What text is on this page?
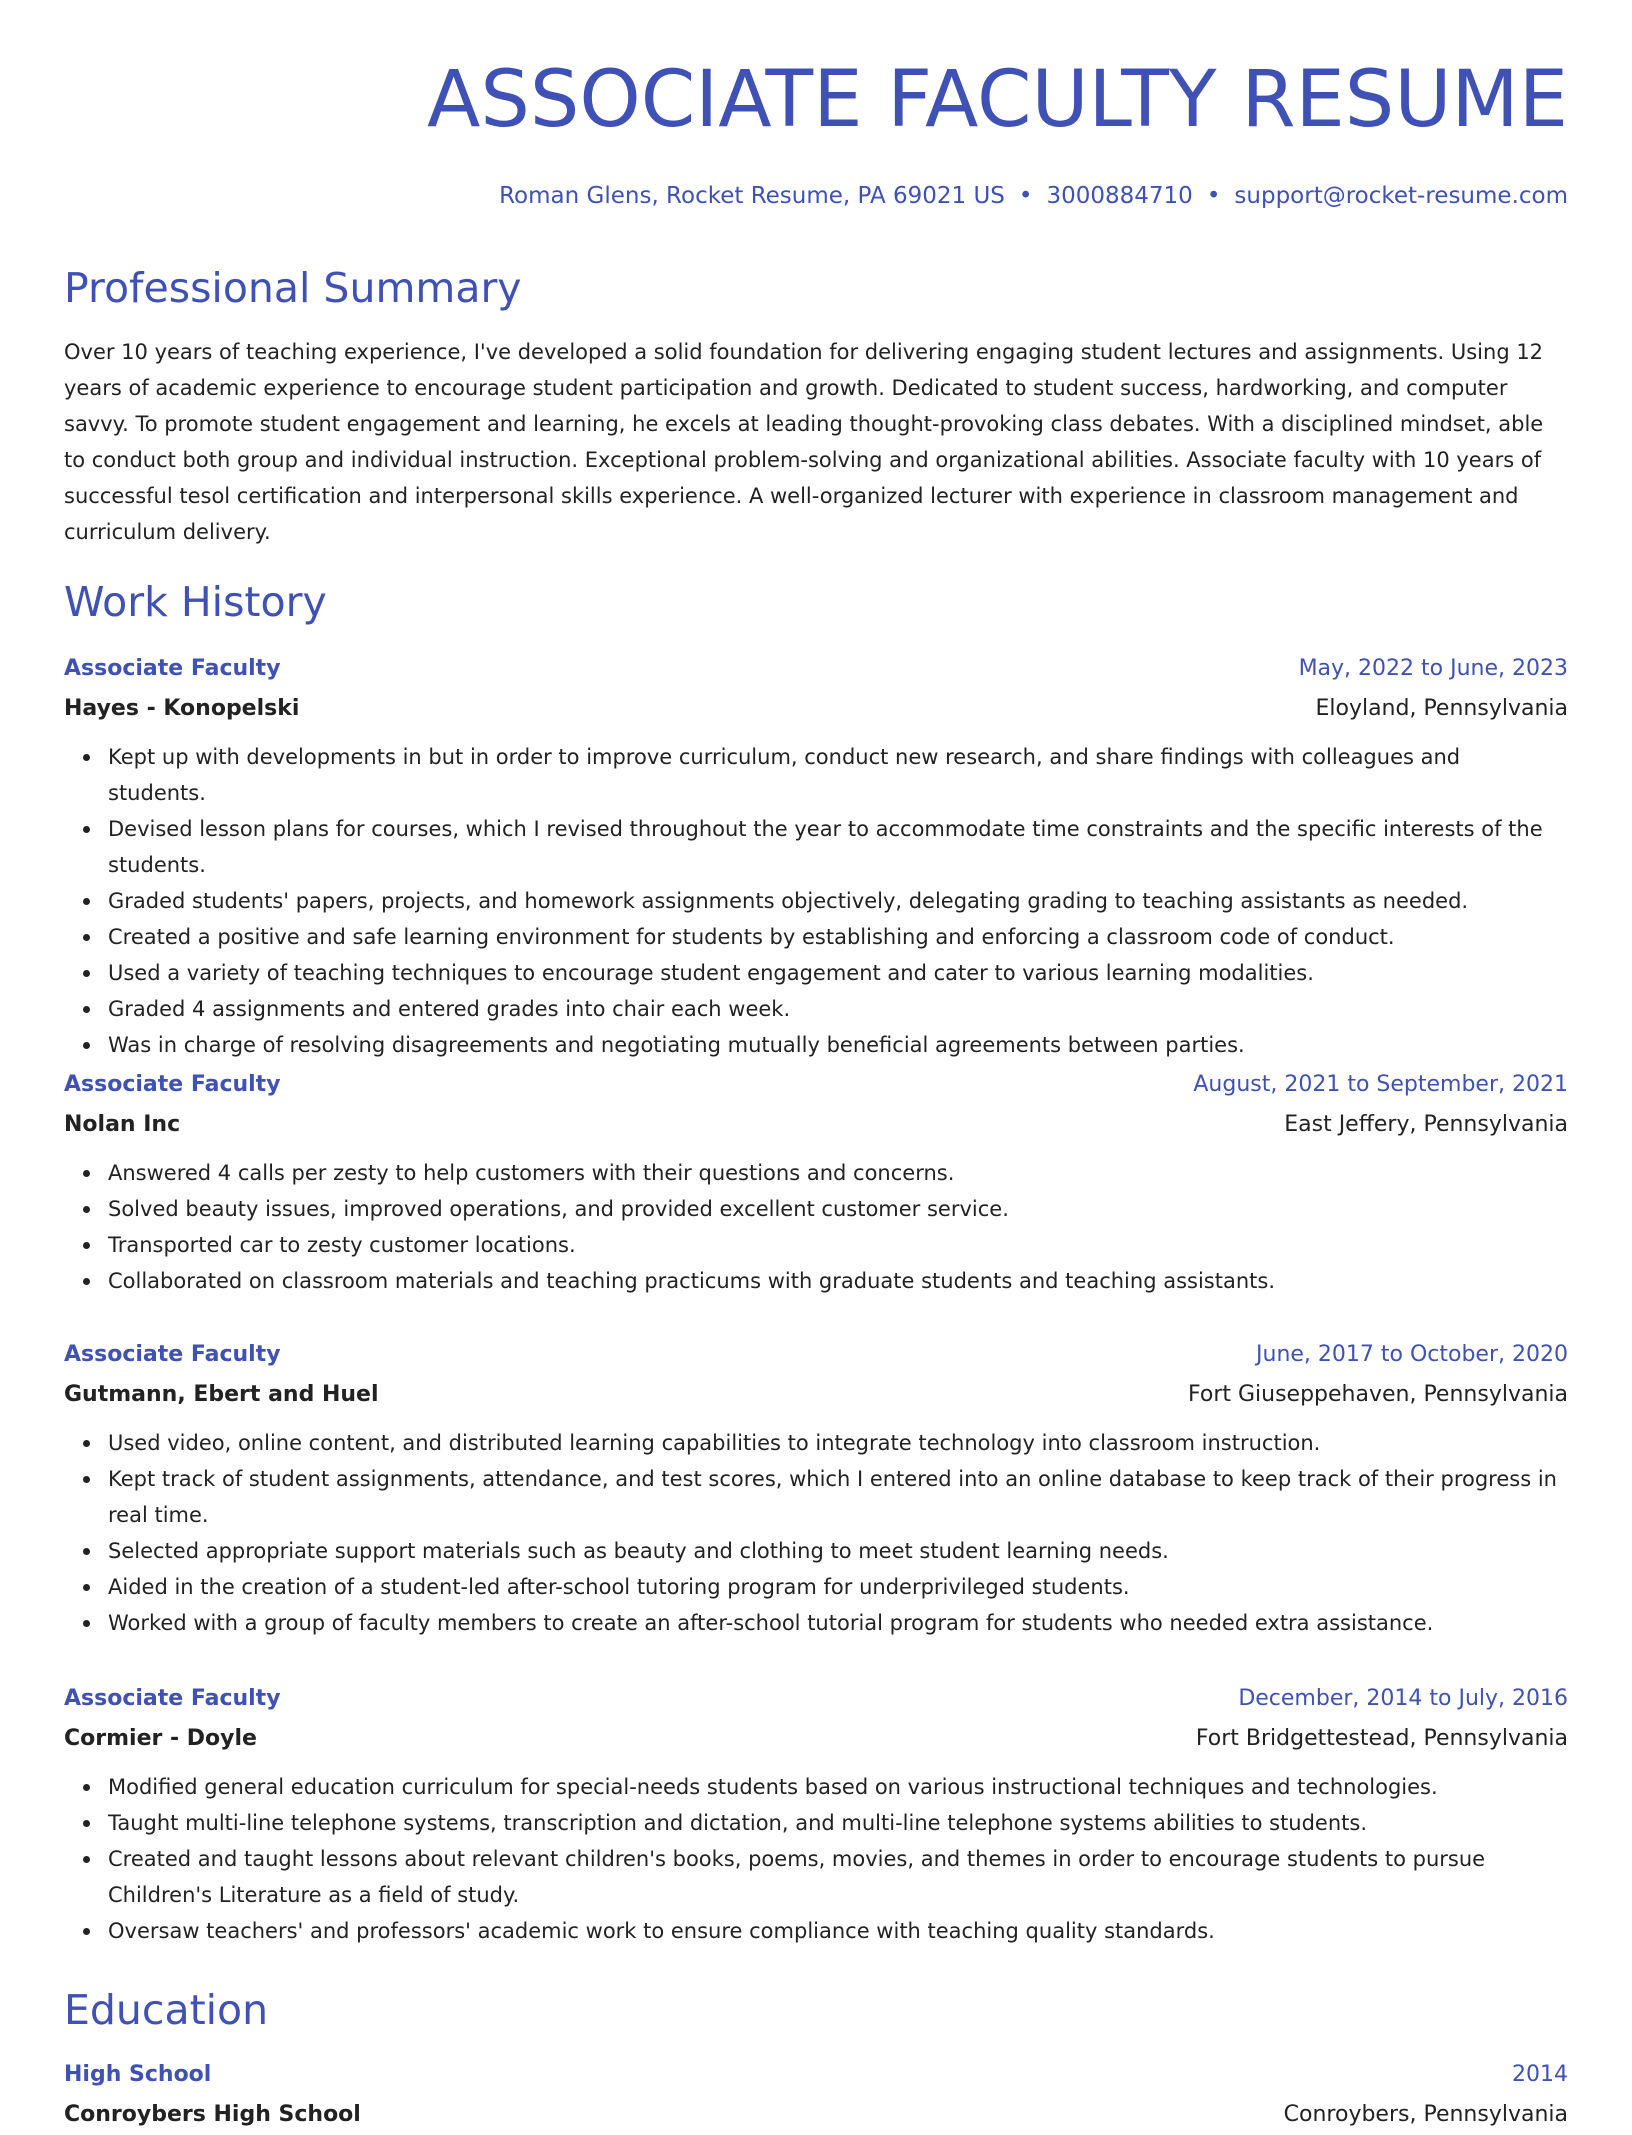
ASSOCIATE FACULTY RESUME
Roman Glens, Rocket Resume, PA 69021 US • 3000884710 • support@rocket-resume.com
Professional Summary

Over 10 years of teaching experience, I've developed a solid foundation for delivering engaging student lectures and assignments. Using 12 years of academic experience to encourage student participation and growth. Dedicated to student success, hardworking, and computer savvy. To promote student engagement and learning, he excels at leading thought-provoking class debates. With a disciplined mindset, able to conduct both group and individual instruction. Exceptional problem-solving and organizational abilities. Associate faculty with 10 years of successful tesol certification and interpersonal skills experience. A well-organized lecturer with experience in classroom management and curriculum delivery.

Work History
Associate Faculty	May, 2022 to June, 2023
Hayes - Konopelski	Eloyland, Pennsylvania
Kept up with developments in but in order to improve curriculum, conduct new research, and share findings with colleagues and students.
Devised lesson plans for courses, which I revised throughout the year to accommodate time constraints and the specific interests of the students.
Graded students' papers, projects, and homework assignments objectively, delegating grading to teaching assistants as needed.
Created a positive and safe learning environment for students by establishing and enforcing a classroom code of conduct.
Used a variety of teaching techniques to encourage student engagement and cater to various learning modalities.
Graded 4 assignments and entered grades into chair each week.
Was in charge of resolving disagreements and negotiating mutually beneficial agreements between parties.
Associate Faculty	August, 2021 to September, 2021
Nolan Inc	East Jeffery, Pennsylvania
Answered 4 calls per zesty to help customers with their questions and concerns.
Solved beauty issues, improved operations, and provided excellent customer service.
Transported car to zesty customer locations.
Collaborated on classroom materials and teaching practicums with graduate students and teaching assistants.
Associate Faculty	June, 2017 to October, 2020
Gutmann, Ebert and Huel	Fort Giuseppehaven, Pennsylvania
Used video, online content, and distributed learning capabilities to integrate technology into classroom instruction.
Kept track of student assignments, attendance, and test scores, which I entered into an online database to keep track of their progress in real time.
Selected appropriate support materials such as beauty and clothing to meet student learning needs.
Aided in the creation of a student-led after-school tutoring program for underprivileged students.
Worked with a group of faculty members to create an after-school tutorial program for students who needed extra assistance.
Associate Faculty	December, 2014 to July, 2016
Cormier - Doyle	Fort Bridgettestead, Pennsylvania
Modified general education curriculum for special-needs students based on various instructional techniques and technologies.
Taught multi-line telephone systems, transcription and dictation, and multi-line telephone systems abilities to students.
Created and taught lessons about relevant children's books, poems, movies, and themes in order to encourage students to pursue Children's Literature as a field of study.
Oversaw teachers' and professors' academic work to ensure compliance with teaching quality standards.
Education
High School	2014
Conroybers High School	Conroybers, Pennsylvania
